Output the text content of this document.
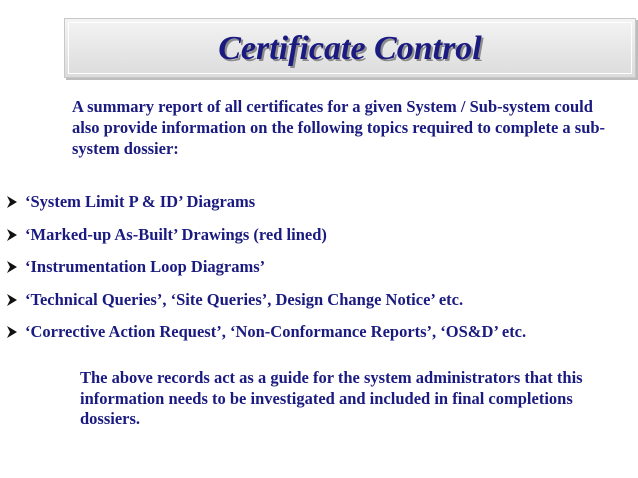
Certificate Control
A summary report of all certificates for a given System / Sub-system could also provide information on the following topics required to complete a sub-system dossier:
‘System Limit P & ID’ Diagrams
‘Marked-up As-Built’ Drawings (red lined)
‘Instrumentation Loop Diagrams’
‘Technical Queries’, ‘Site Queries’, Design Change Notice’ etc.
‘Corrective Action Request’, ‘Non-Conformance Reports’, ‘OS&D’ etc.
The above records act as a guide for the system administrators that this information needs to be investigated and included in final completions dossiers.
